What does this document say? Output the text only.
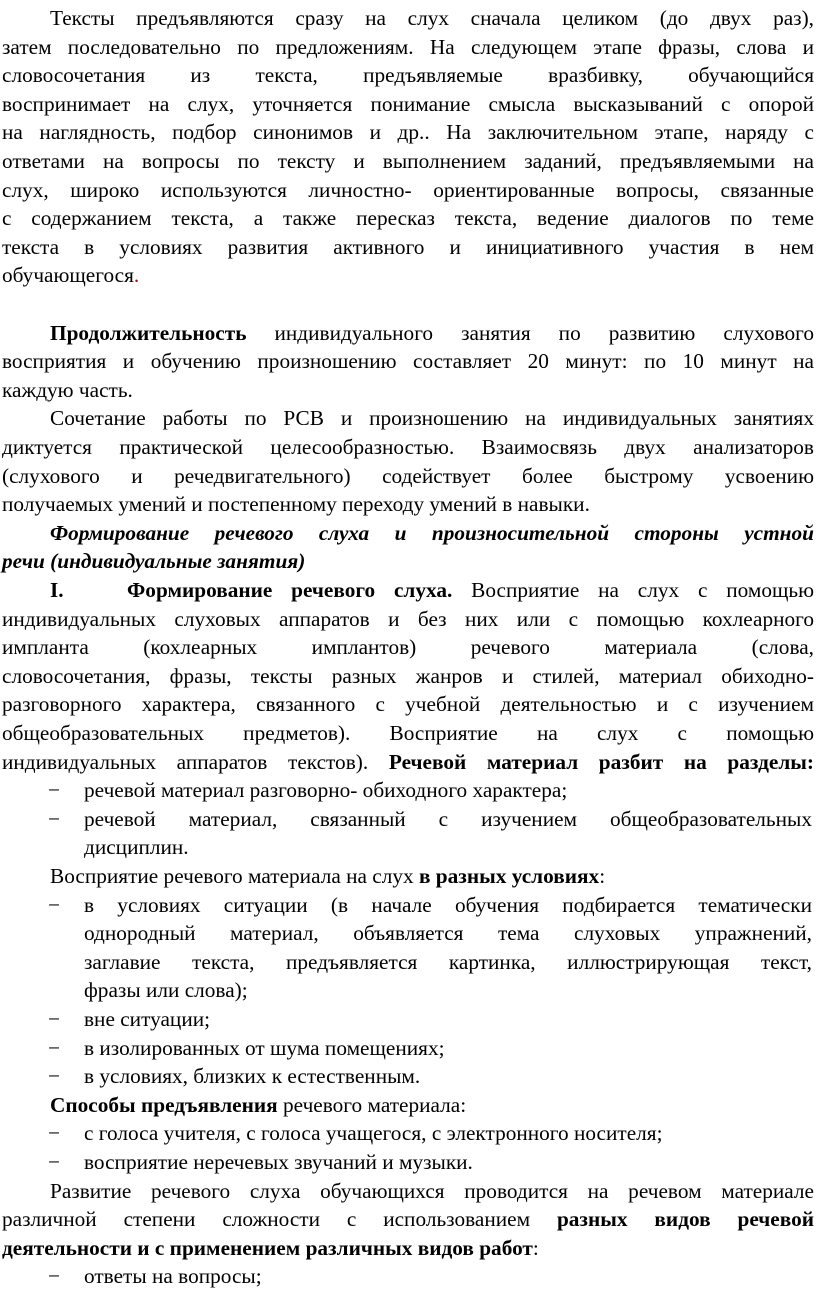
Тексты предъявляются сразу на слух сначала целиком (до двух раз),
затем последовательно по предложениям. На следующем этапе фразы, слова и
словосочетания из текста, предъявляемые вразбивку, обучающийся
воспринимает на слух, уточняется понимание смысла высказываний с опорой
на наглядность, подбор синонимов и др.. На заключительном этапе, наряду с
ответами на вопросы по тексту и выполнением заданий, предъявляемыми на
слух, широко используются личностно- ориентированные вопросы, связанные
с содержанием текста, а также пересказ текста, ведение диалогов по теме
текста в условиях развития активного и инициативного участия в нем
обучающегося.
Продолжительность индивидуального занятия по развитию слухового
восприятия и обучению произношению составляет 20 минут: по 10 минут на
каждую часть.
Сочетание работы по РСВ и произношению на индивидуальных занятиях
диктуется практической целесообразностью. Взаимосвязь двух анализаторов
(слухового и речедвигательного) содействует более быстрому усвоению
получаемых умений и постепенному переходу умений в навыки.
Формирование речевого слуха и произносительной стороны устной
речи (индивидуальные занятия)
I.	Формирование речевого слуха. Восприятие на слух с помощью
индивидуальных слуховых аппаратов и без них или с помощью кохлеарного
импланта (кохлеарных имплантов) речевого материала (слова,
словосочетания, фразы, тексты разных жанров и стилей, материал обиходно-
разговорного характера, связанного с учебной деятельностью и с изучением
общеобразовательных предметов). Восприятие на слух с помощью
индивидуальных аппаратов текстов). Речевой материал разбит на разделы:
− речевой материал разговорно- обиходного характера;
− речевой материал, связанный с изучением общеобразовательных
дисциплин.
Восприятие речевого материала на слух в разных условиях:
− в условиях ситуации (в начале обучения подбирается тематически
однородный материал, объявляется тема слуховых упражнений,
заглавие текста, предъявляется картинка, иллюстрирующая текст,
фразы или слова);
− вне ситуации;
− в изолированных от шума помещениях;
− в условиях, близких к естественным.
Способы предъявления речевого материала:
− с голоса учителя, с голоса учащегося, с электронного носителя;
− восприятие неречевых звучаний и музыки.
Развитие речевого слуха обучающихся проводится на речевом материале
различной степени сложности с использованием разных видов речевой
деятельности и с применением различных видов работ:
− ответы на вопросы;
